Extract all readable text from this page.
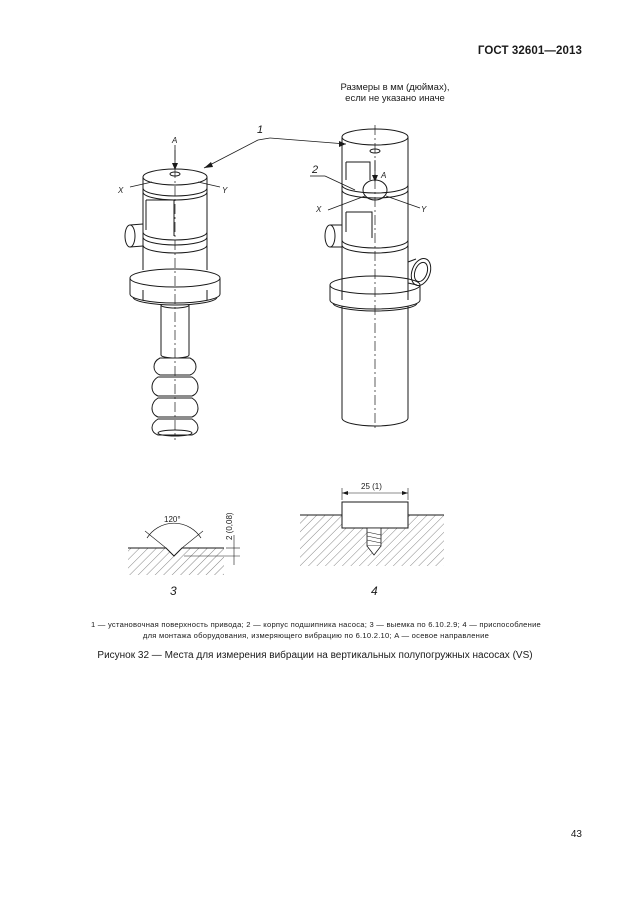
ГОСТ 32601—2013
Размеры в мм (дюймах),
если не указано иначе
1
2
A
X	Y
A
X	Y
120°	2 (0,08)
3
25 (1)
4
1 — установочная поверхность привода; 2 — корпус подшипника насоса; 3 — выемка по 6.10.2.9; 4 — приспособление
для монтажа оборудования, измеряющего вибрацию по 6.10.2.10; A — осевое направление
Рисунок 32 — Места для измерения вибрации на вертикальных полупогружных насосах (VS)
43
